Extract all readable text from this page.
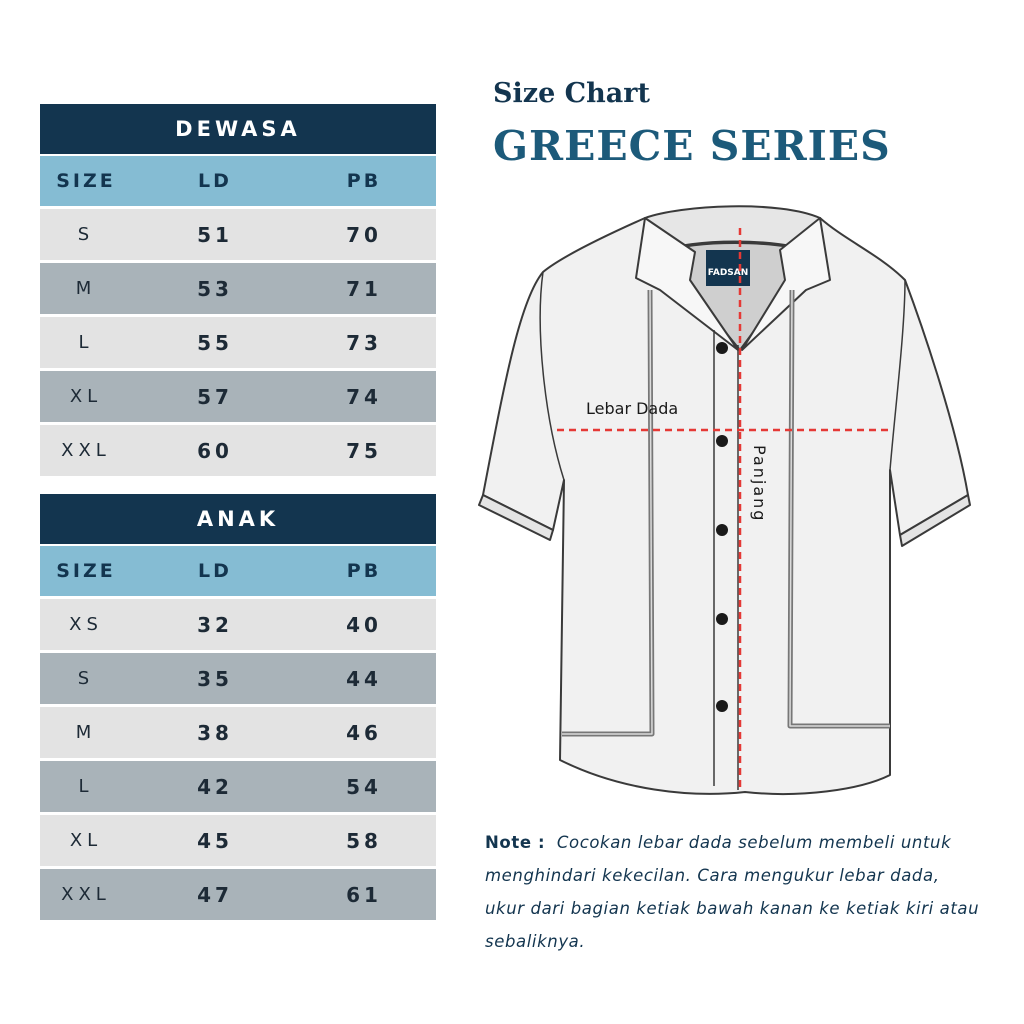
DEWASA
SIZE	LD	PB
S	51	70
M	53	71
L	55	73
XL	57	74
XXL	60	75
ANAK
SIZE	LD	PB
XS	32	40
S	35	44
M	38	46
L	42	54
XL	45	58
XXL	47	61
Size Chart
GREECE SERIES
FADSAN
Lebar Dada
Panjang
Note : Cocokan lebar dada sebelum membeli untuk menghindari kekecilan. Cara mengukur lebar dada, ukur dari bagian ketiak bawah kanan ke ketiak kiri atau sebaliknya.
